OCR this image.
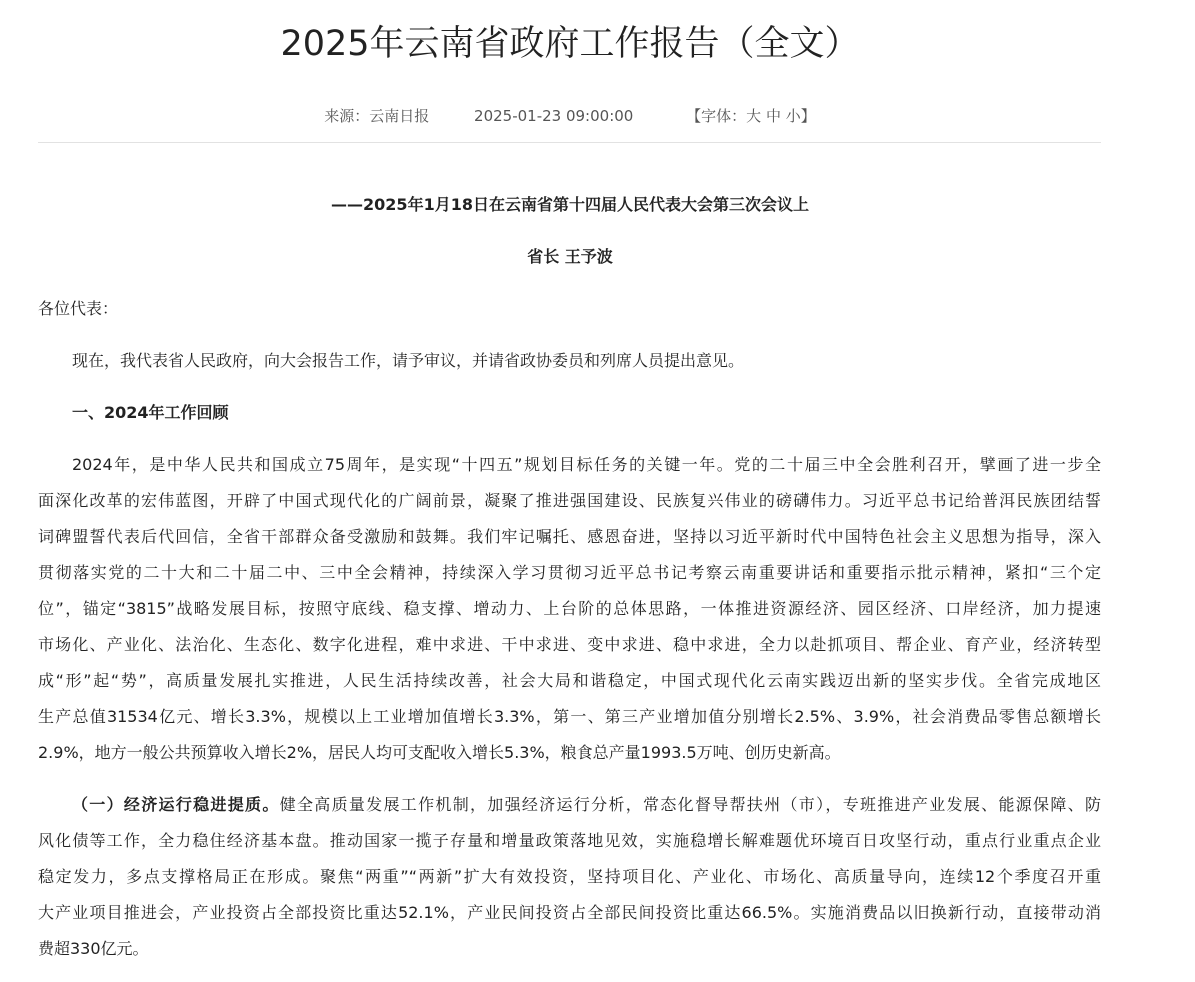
2025年云南省政府工作报告（全文）
来源：云南日报	2025-01-23 09:00:00	【字体：大 中 小】
——2025年1月18日在云南省第十四届人民代表大会第三次会议上
省长 王予波
各位代表：
现在，我代表省人民政府，向大会报告工作，请予审议，并请省政协委员和列席人员提出意见。
一、2024年工作回顾
2024年，是中华人民共和国成立75周年，是实现“十四五”规划目标任务的关键一年。党的二十届三中全会胜利召开，擘画了进一步全
面深化改革的宏伟蓝图，开辟了中国式现代化的广阔前景，凝聚了推进强国建设、民族复兴伟业的磅礴伟力。习近平总书记给普洱民族团结誓
词碑盟誓代表后代回信，全省干部群众备受激励和鼓舞。我们牢记嘱托、感恩奋进，坚持以习近平新时代中国特色社会主义思想为指导，深入
贯彻落实党的二十大和二十届二中、三中全会精神，持续深入学习贯彻习近平总书记考察云南重要讲话和重要指示批示精神，紧扣“三个定
位”，锚定“3815”战略发展目标，按照守底线、稳支撑、增动力、上台阶的总体思路，一体推进资源经济、园区经济、口岸经济，加力提速
市场化、产业化、法治化、生态化、数字化进程，难中求进、干中求进、变中求进、稳中求进，全力以赴抓项目、帮企业、育产业，经济转型
成“形”起“势”，高质量发展扎实推进，人民生活持续改善，社会大局和谐稳定，中国式现代化云南实践迈出新的坚实步伐。全省完成地区
生产总值31534亿元、增长3.3%，规模以上工业增加值增长3.3%，第一、第三产业增加值分别增长2.5%、3.9%，社会消费品零售总额增长
2.9%，地方一般公共预算收入增长2%，居民人均可支配收入增长5.3%，粮食总产量1993.5万吨、创历史新高。
（一）经济运行稳进提质。健全高质量发展工作机制，加强经济运行分析，常态化督导帮扶州（市），专班推进产业发展、能源保障、防
风化债等工作，全力稳住经济基本盘。推动国家一揽子存量和增量政策落地见效，实施稳增长解难题优环境百日攻坚行动，重点行业重点企业
稳定发力，多点支撑格局正在形成。聚焦“两重”“两新”扩大有效投资，坚持项目化、产业化、市场化、高质量导向，连续12个季度召开重
大产业项目推进会，产业投资占全部投资比重达52.1%，产业民间投资占全部民间投资比重达66.5%。实施消费品以旧换新行动，直接带动消
费超330亿元。
